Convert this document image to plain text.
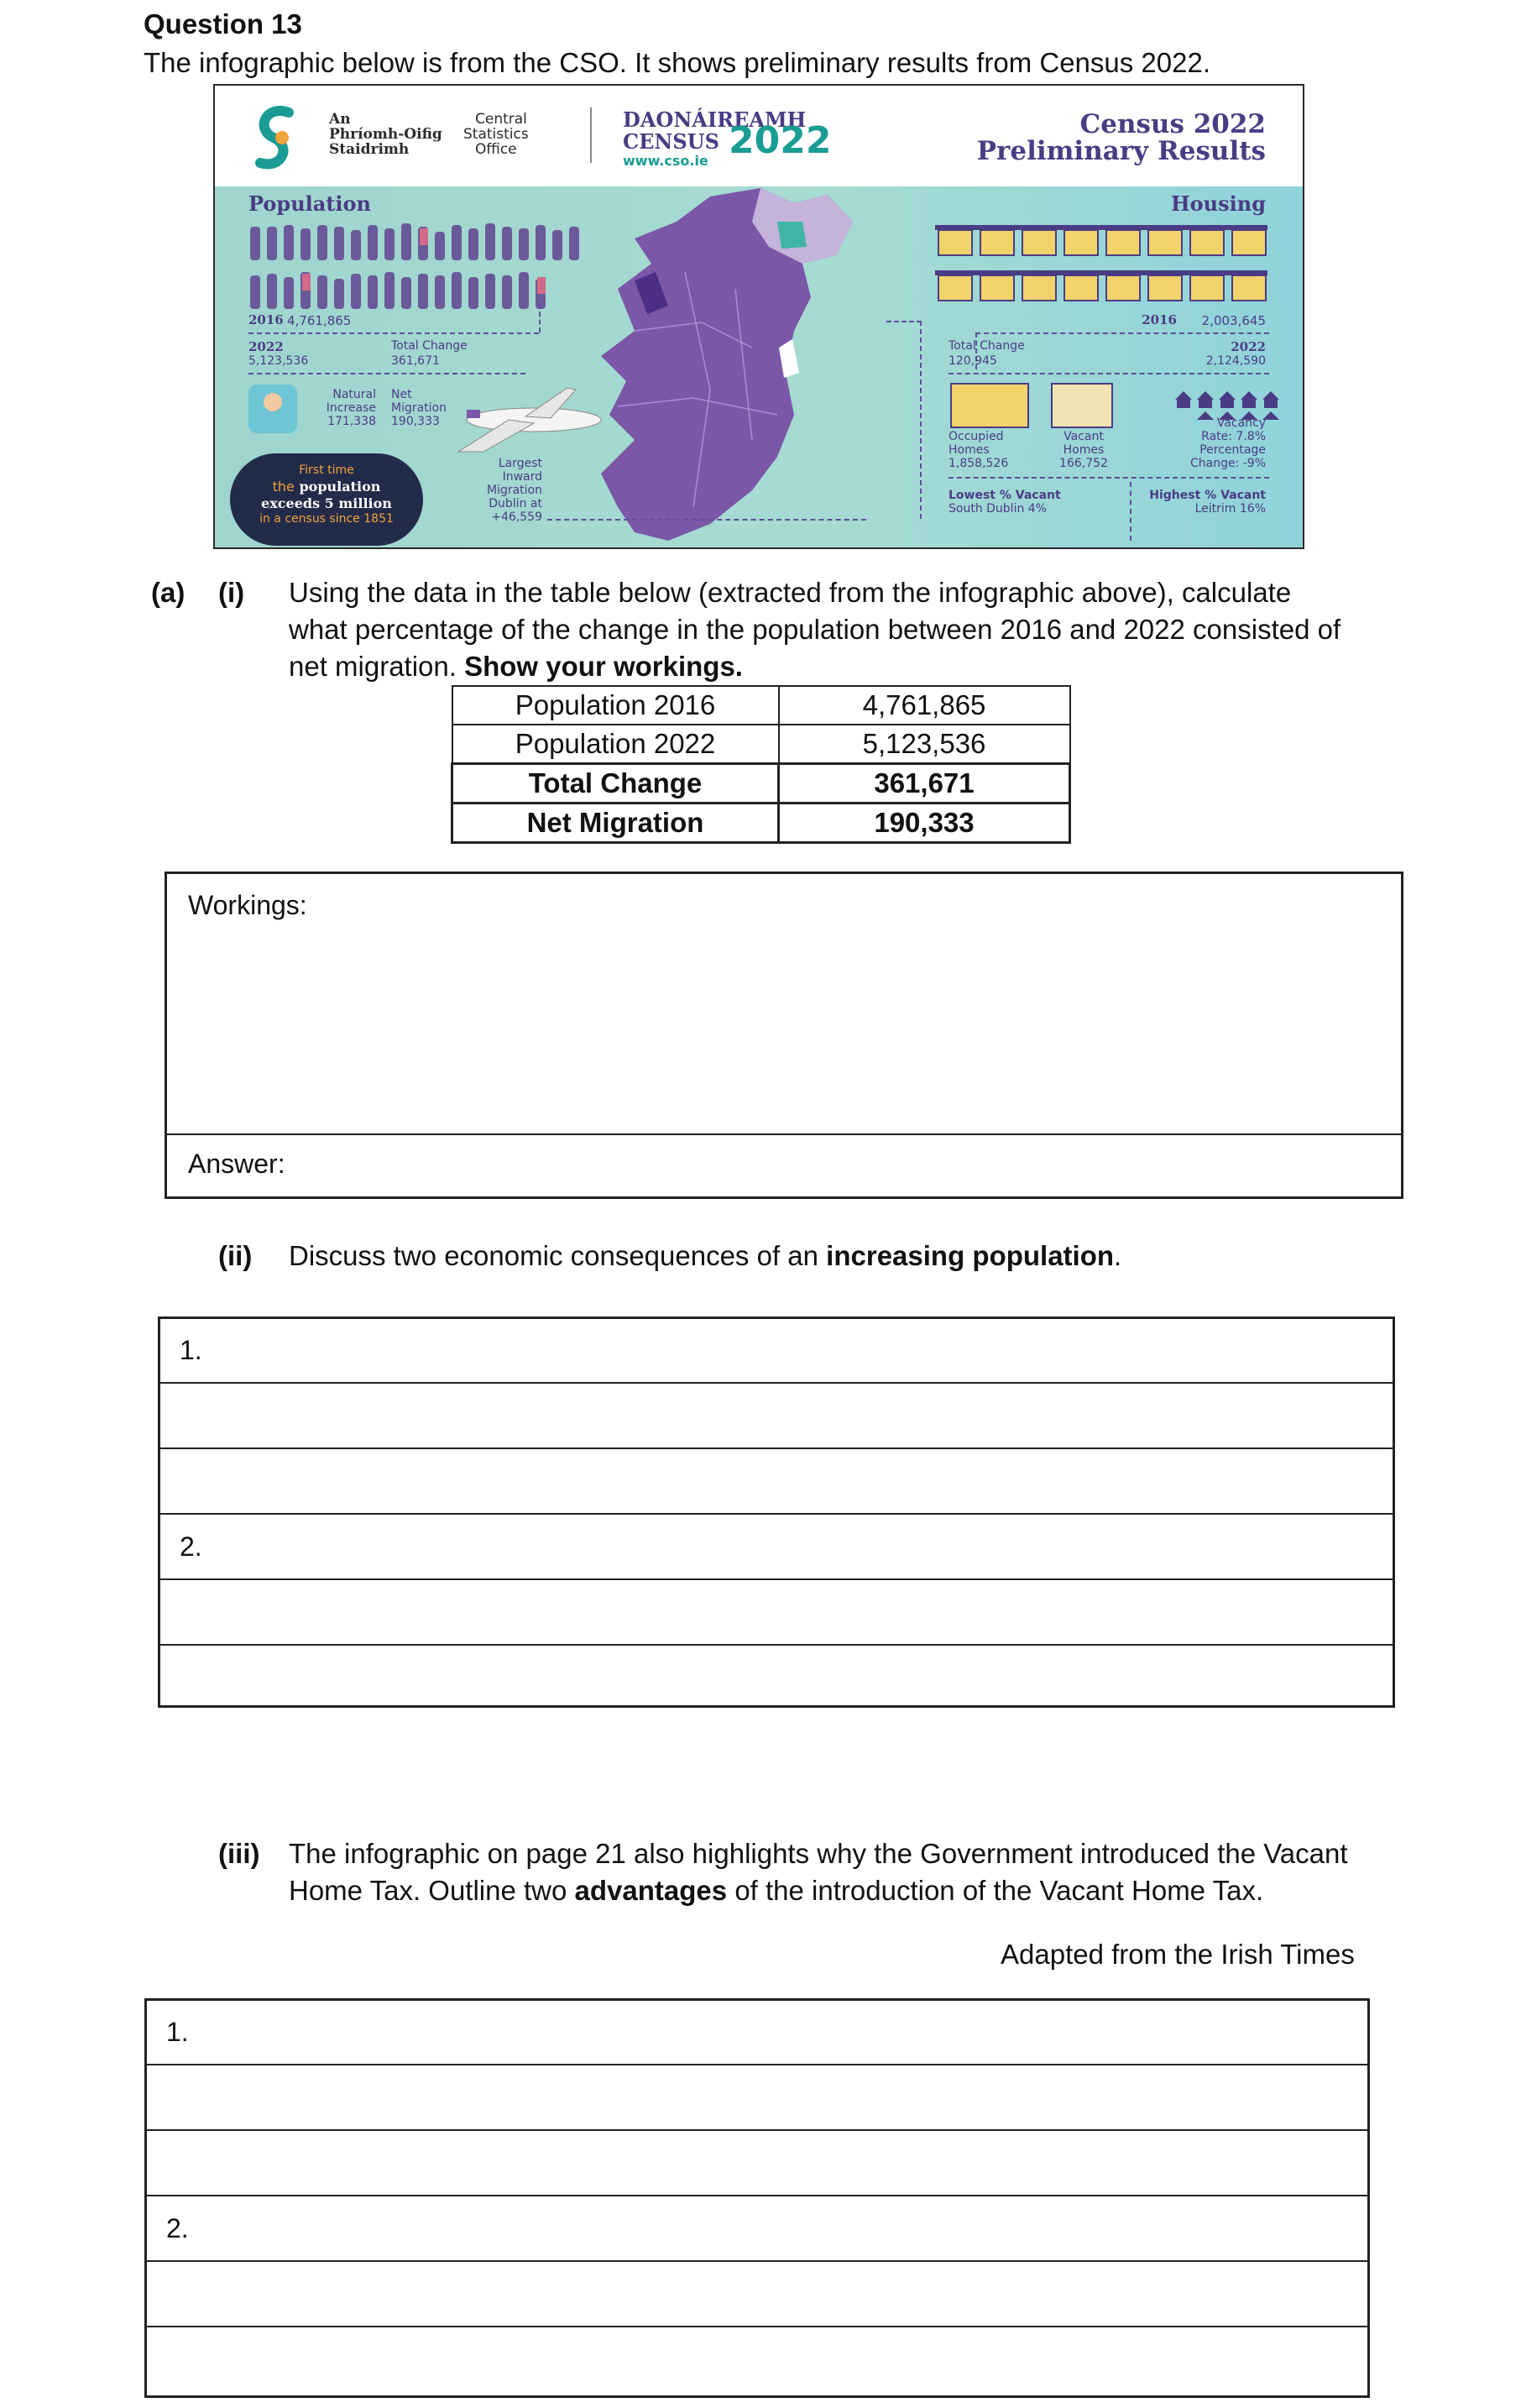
Question 13
The infographic below is from the CSO. It shows preliminary results from Census 2022.
An
Phríomh-Oifig
Staidrimh
Central
Statistics
Office
DAONÁIREAMH
CENSUS 2022
www.cso.ie
Census 2022
Preliminary Results
Population
2016 4,761,865
2022
5,123,536
Total Change
361,671
Natural
Increase
171,338
Net
Migration
190,333
First time
the population
exceeds 5 million
in a census since 1851
Largest
Inward
Migration
Dublin at
+46,559
Housing
2016 2,003,645
Total Change
120,945
2022
2,124,590
Occupied
Homes
1,858,526
Vacant
Homes
166,752
Vacancy
Rate: 7.8%
Percentage
Change: -9%
Lowest % Vacant
South Dublin 4%
Highest % Vacant
Leitrim 16%
(a) (i) Using the data in the table below (extracted from the infographic above), calculate
what percentage of the change in the population between 2016 and 2022 consisted of
net migration. Show your workings.
Population 2016	4,761,865
Population 2022	5,123,536
Total Change	361,671
Net Migration	190,333
Workings:
Answer:
(ii) Discuss two economic consequences of an increasing population.
1.
2.
(iii) The infographic on page 21 also highlights why the Government introduced the Vacant
Home Tax. Outline two advantages of the introduction of the Vacant Home Tax.
Adapted from the Irish Times
1.
2.
